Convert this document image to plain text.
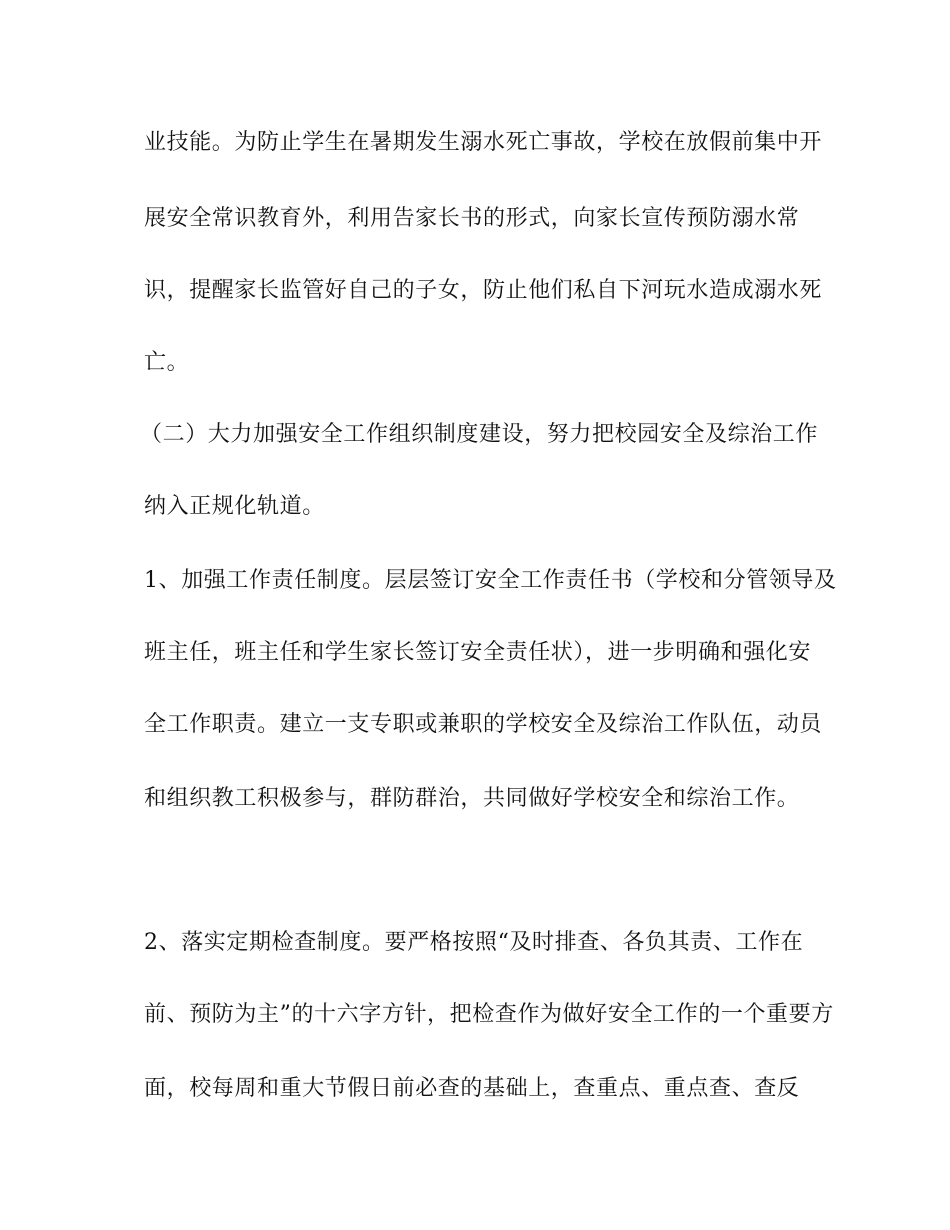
业技能。为防止学生在暑期发生溺水死亡事故，学校在放假前集中开
展安全常识教育外，利用告家长书的形式，向家长宣传预防溺水常
识，提醒家长监管好自己的子女，防止他们私自下河玩水造成溺水死
亡。
（二）大力加强安全工作组织制度建设，努力把校园安全及综治工作
纳入正规化轨道。
1、加强工作责任制度。层层签订安全工作责任书（学校和分管领导及
班主任，班主任和学生家长签订安全责任状），进一步明确和强化安
全工作职责。建立一支专职或兼职的学校安全及综治工作队伍，动员
和组织教工积极参与，群防群治，共同做好学校安全和综治工作。
2、落实定期检查制度。要严格按照“及时排查、各负其责、工作在
前、预防为主”的十六字方针，把检查作为做好安全工作的一个重要方
面，校每周和重大节假日前必查的基础上，查重点、重点查、查反
